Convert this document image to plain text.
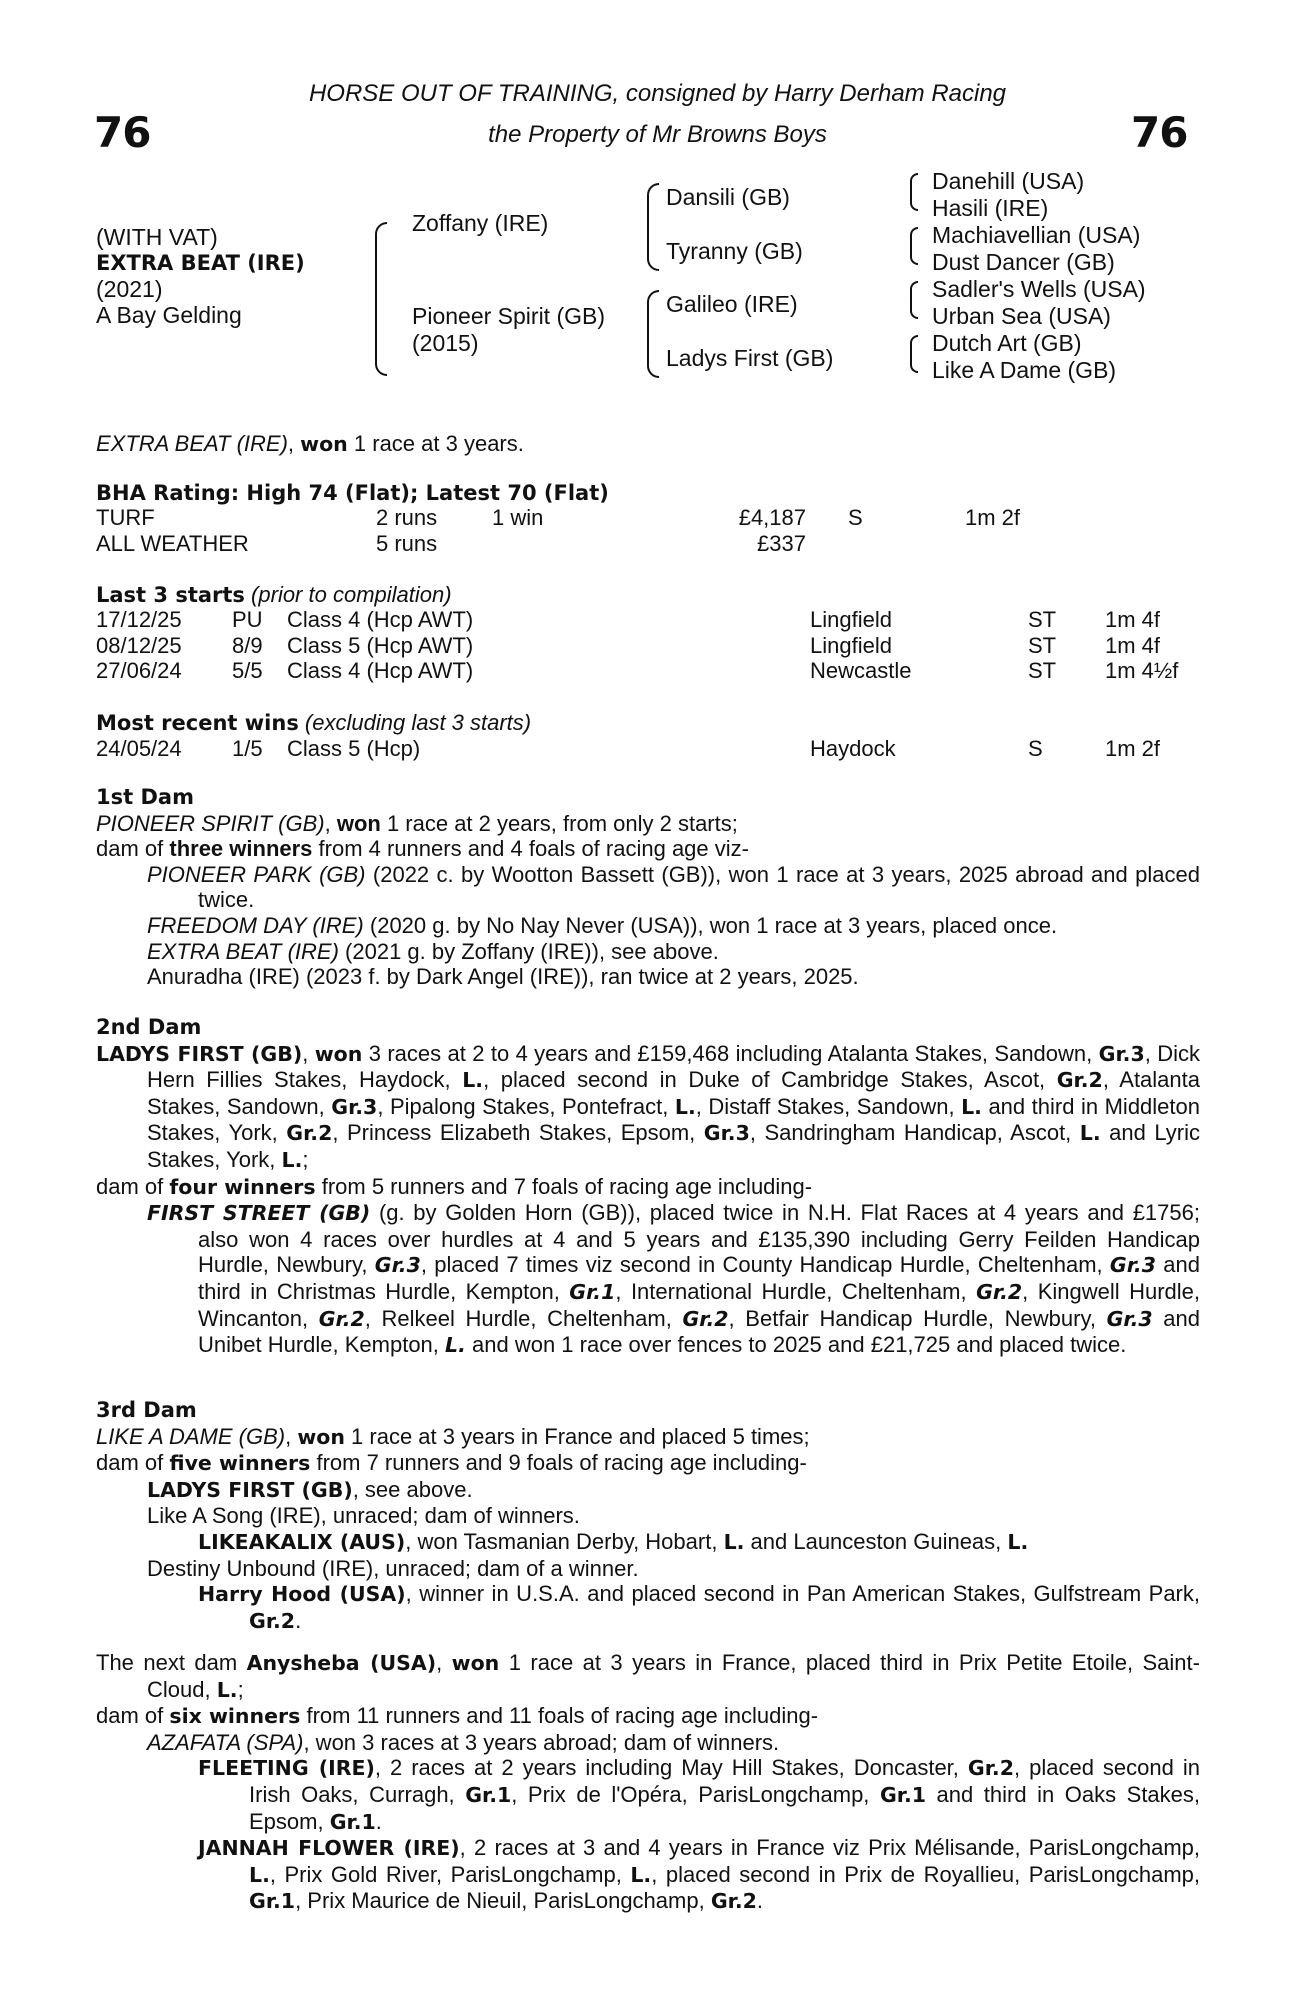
HORSE OUT OF TRAINING, consigned by Harry Derham Racing
the Property of Mr Browns Boys
76	76
(WITH VAT)
EXTRA BEAT (IRE)
(2021)
A Bay Gelding
Zoffany (IRE)
Pioneer Spirit (GB)
(2015)
Dansili (GB)
Tyranny (GB)
Galileo (IRE)
Ladys First (GB)
Danehill (USA)
Hasili (IRE)
Machiavellian (USA)
Dust Dancer (GB)
Sadler's Wells (USA)
Urban Sea (USA)
Dutch Art (GB)
Like A Dame (GB)
EXTRA BEAT (IRE), won 1 race at 3 years.
BHA Rating: High 74 (Flat); Latest 70 (Flat)
TURF	2 runs 1 win	£4,187 S	1m 2f
ALL WEATHER	5 runs	£337
Last 3 starts (prior to compilation)
17/12/25 PU Class 4 (Hcp AWT)	Lingfield	ST 1m 4f
08/12/25 8/9 Class 5 (Hcp AWT)	Lingfield	ST 1m 4f
27/06/24 5/5 Class 4 (Hcp AWT)	Newcastle	ST 1m 4½f
Most recent wins (excluding last 3 starts)
24/05/24 1/5 Class 5 (Hcp)	Haydock	S	1m 2f
1st Dam
PIONEER SPIRIT (GB), won 1 race at 2 years, from only 2 starts;
dam of three winners from 4 runners and 4 foals of racing age viz-
PIONEER PARK (GB) (2022 c. by Wootton Bassett (GB)), won 1 race at 3 years, 2025 abroad and placed twice.
FREEDOM DAY (IRE) (2020 g. by No Nay Never (USA)), won 1 race at 3 years, placed once.
EXTRA BEAT (IRE) (2021 g. by Zoffany (IRE)), see above.
Anuradha (IRE) (2023 f. by Dark Angel (IRE)), ran twice at 2 years, 2025.
2nd Dam
LADYS FIRST (GB), won 3 races at 2 to 4 years and £159,468 including Atalanta Stakes, Sandown, Gr.3, Dick Hern Fillies Stakes, Haydock, L., placed second in Duke of Cambridge Stakes, Ascot, Gr.2, Atalanta Stakes, Sandown, Gr.3, Pipalong Stakes, Pontefract, L., Distaff Stakes, Sandown, L. and third in Middleton Stakes, York, Gr.2, Princess Elizabeth Stakes, Epsom, Gr.3, Sandringham Handicap, Ascot, L. and Lyric Stakes, York, L.;
dam of four winners from 5 runners and 7 foals of racing age including-
FIRST STREET (GB) (g. by Golden Horn (GB)), placed twice in N.H. Flat Races at 4 years and £1756; also won 4 races over hurdles at 4 and 5 years and £135,390 including Gerry Feilden Handicap Hurdle, Newbury, Gr.3, placed 7 times viz second in County Handicap Hurdle, Cheltenham, Gr.3 and third in Christmas Hurdle, Kempton, Gr.1, International Hurdle, Cheltenham, Gr.2, Kingwell Hurdle, Wincanton, Gr.2, Relkeel Hurdle, Cheltenham, Gr.2, Betfair Handicap Hurdle, Newbury, Gr.3 and Unibet Hurdle, Kempton, L. and won 1 race over fences to 2025 and £21,725 and placed twice.
3rd Dam
LIKE A DAME (GB), won 1 race at 3 years in France and placed 5 times;
dam of five winners from 7 runners and 9 foals of racing age including-
LADYS FIRST (GB), see above.
Like A Song (IRE), unraced; dam of winners.
LIKEAKALIX (AUS), won Tasmanian Derby, Hobart, L. and Launceston Guineas, L.
Destiny Unbound (IRE), unraced; dam of a winner.
Harry Hood (USA), winner in U.S.A. and placed second in Pan American Stakes, Gulfstream Park, Gr.2.
The next dam Anysheba (USA), won 1 race at 3 years in France, placed third in Prix Petite Etoile, Saint-Cloud, L.;
dam of six winners from 11 runners and 11 foals of racing age including-
AZAFATA (SPA), won 3 races at 3 years abroad; dam of winners.
FLEETING (IRE), 2 races at 2 years including May Hill Stakes, Doncaster, Gr.2, placed second in Irish Oaks, Curragh, Gr.1, Prix de l'Opéra, ParisLongchamp, Gr.1 and third in Oaks Stakes, Epsom, Gr.1.
JANNAH FLOWER (IRE), 2 races at 3 and 4 years in France viz Prix Mélisande, ParisLongchamp, L., Prix Gold River, ParisLongchamp, L., placed second in Prix de Royallieu, ParisLongchamp, Gr.1, Prix Maurice de Nieuil, ParisLongchamp, Gr.2.
